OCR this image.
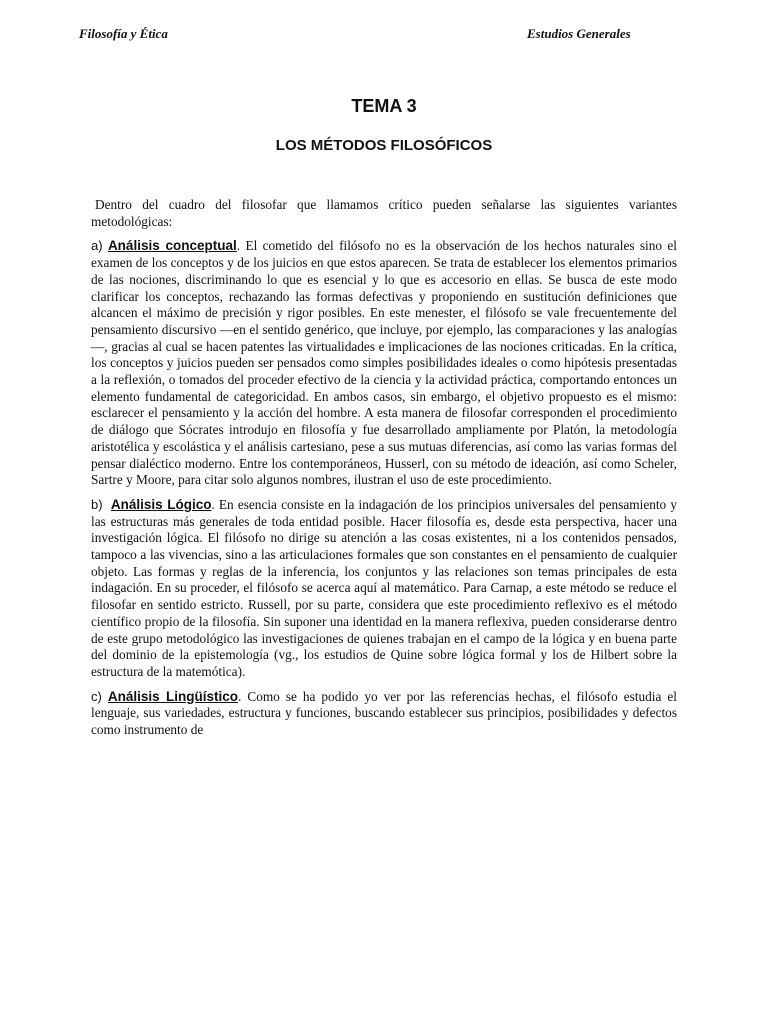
Filosofía y Ética	Estudios Generales
TEMA 3
LOS MÉTODOS FILOSÓFICOS

Dentro del cuadro del filosofar que llamamos crítico pueden señalarse las siguientes variantes metodológicas:

a) Análisis conceptual. El cometido del filósofo no es la observación de los hechos naturales sino el examen de los conceptos y de los juicios en que estos aparecen. Se trata de establecer los elementos primarios de las nociones, discriminando lo que es esencial y lo que es accesorio en ellas. Se busca de este modo clarificar los conceptos, rechazando las formas defectivas y proponiendo en sustitución definiciones que alcancen el máximo de precisión y rigor posibles. En este menester, el filósofo se vale frecuentemente del pensamiento discursivo —en el sentido genérico, que incluye, por ejemplo, las comparaciones y las analogías—, gracias al cual se hacen patentes las virtualidades e implicaciones de las nociones criticadas. En la crítica, los conceptos y juicios pueden ser pensados como simples posibilidades ideales o como hipótesis presentadas a la reflexión, o tomados del proceder efectivo de la ciencia y la actividad práctica, comportando entonces un elemento fundamental de categoricidad. En ambos casos, sin embargo, el objetivo propuesto es el mismo: esclarecer el pensamiento y la acción del hombre. A esta manera de filosofar corresponden el procedimiento de diálogo que Sócrates introdujo en filosofía y fue desarrollado ampliamente por Platón, la metodología aristotélica y escolástica y el análisis cartesiano, pese a sus mutuas diferencias, así como las varias formas del pensar dialéctico moderno. Entre los contemporáneos, Husserl, con su método de ideación, así como Scheler, Sartre y Moore, para citar solo algunos nombres, ilustran el uso de este procedimiento.

b) Análisis Lógico. En esencia consiste en la indagación de los principios universales del pensamiento y las estructuras más generales de toda entidad posible. Hacer filosofía es, desde esta perspectiva, hacer una investigación lógica. El filósofo no dirige su atención a las cosas existentes, ni a los contenidos pensados, tampoco a las vivencias, sino a las articulaciones formales que son constantes en el pensamiento de cualquier objeto. Las formas y reglas de la inferencia, los conjuntos y las relaciones son temas principales de esta indagación. En su proceder, el filósofo se acerca aquí al matemático. Para Carnap, a este método se reduce el filosofar en sentido estricto. Russell, por su parte, considera que este procedimiento reflexivo es el método científico propio de la filosofía. Sin suponer una identidad en la manera reflexiva, pueden considerarse dentro de este grupo metodológico las investigaciones de quienes trabajan en el campo de la lógica y en buena parte del dominio de la epistemología (vg., los estudios de Quine sobre lógica formal y los de Hilbert sobre la estructura de la matemótica).

c) Análisis Lingüístico. Como se ha podido yo ver por las referencias hechas, el filósofo estudia el lenguaje, sus variedades, estructura y funciones, buscando establecer sus principios, posibilidades y defectos como instrumento de
